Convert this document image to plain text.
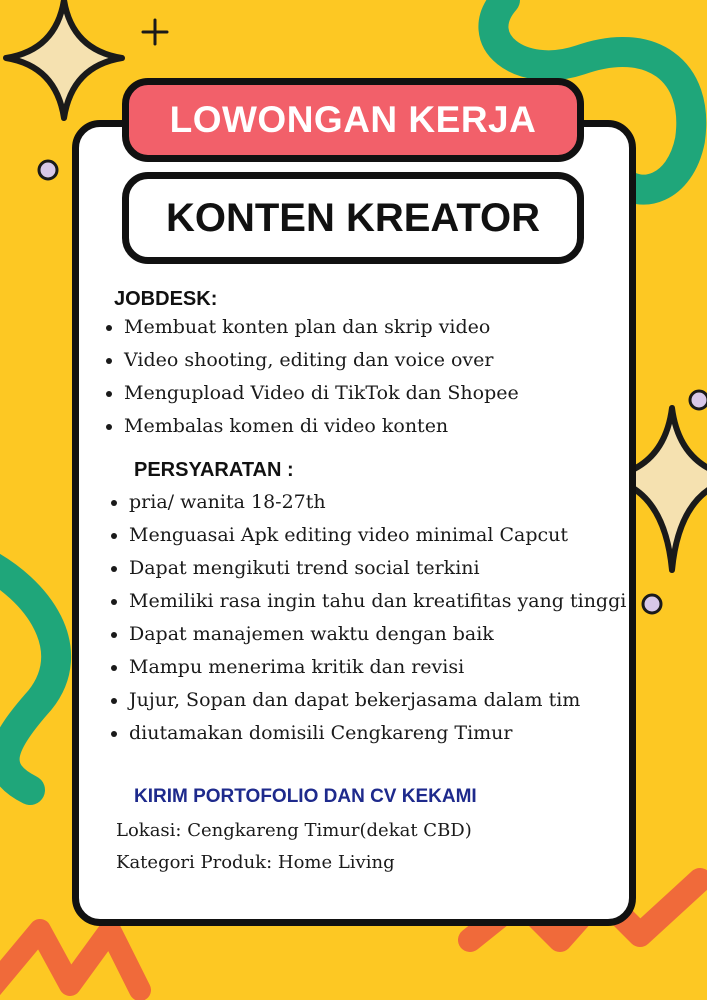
LOWONGAN KERJA
KONTEN KREATOR
JOBDESK:
Membuat konten plan dan skrip video
Video shooting, editing dan voice over
Mengupload Video di TikTok dan Shopee
Membalas komen di video konten
PERSYARATAN :
pria/ wanita 18-27th
Menguasai Apk editing video minimal Capcut
Dapat mengikuti trend social terkini
Memiliki rasa ingin tahu dan kreatifitas yang tinggi
Dapat manajemen waktu dengan baik
Mampu menerima kritik dan revisi
Jujur, Sopan dan dapat bekerjasama dalam tim
diutamakan domisili Cengkareng Timur
KIRIM PORTOFOLIO DAN CV KEKAMI
Lokasi: Cengkareng Timur(dekat CBD)
Kategori Produk: Home Living
